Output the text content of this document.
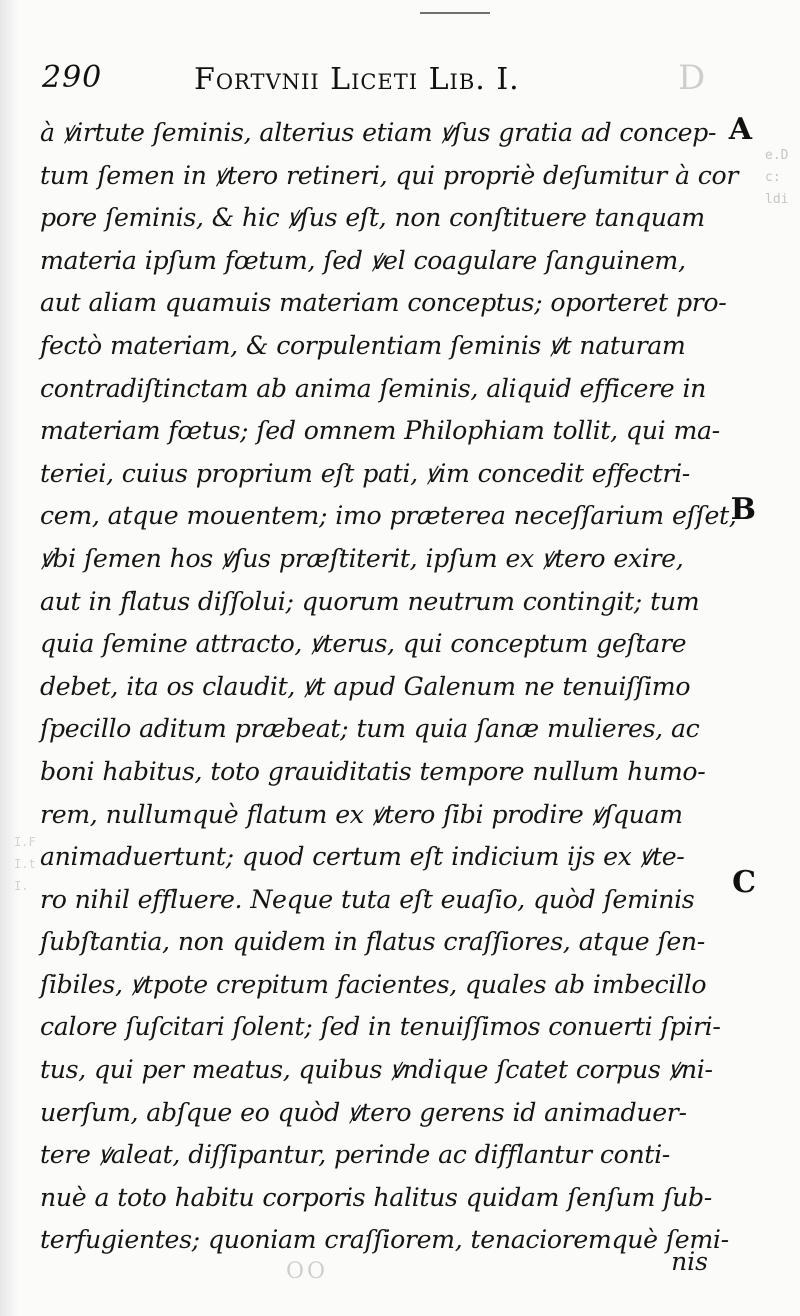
290	Fortvnii Liceti Lib. I.	D
à ꝟirtute ſeminis, alterius etiam ꝟſus gratia ad concep-
tum ſemen in ꝟtero retineri, qui propriè deſumitur à cor
pore ſeminis, & hic ꝟſus eſt, non conſtituere tanquam
materia ipſum fœtum, ſed ꝟel coagulare ſanguinem,
aut aliam quamuis materiam conceptus; oporteret pro-
fectò materiam, & corpulentiam ſeminis ꝟt naturam
contradiſtinctam ab anima ſeminis, aliquid efficere in
materiam fœtus; ſed omnem Philophiam tollit, qui ma-
teriei, cuius proprium eſt pati, ꝟim concedit effectri-
cem, atque mouentem; imo præterea neceſſarium eſſet,
ꝟbi ſemen hos ꝟſus præſtiterit, ipſum ex ꝟtero exire,
aut in flatus diſſolui; quorum neutrum contingit; tum
quia ſemine attracto, ꝟterus, qui conceptum geſtare
debet, ita os claudit, ꝟt apud Galenum ne tenuiſſimo
ſpecillo aditum præbeat; tum quia ſanæ mulieres, ac
boni habitus, toto grauiditatis tempore nullum humo-
rem, nullumquè flatum ex ꝟtero ſibi prodire ꝟſquam
animaduertunt; quod certum eſt indicium ijs ex ꝟte-
ro nihil effluere. Neque tuta eſt euaſio, quòd ſeminis
ſubſtantia, non quidem in flatus craſſiores, atque ſen-
ſibiles, ꝟtpote crepitum facientes, quales ab imbecillo
calore ſuſcitari ſolent; ſed in tenuiſſimos conuerti ſpiri-
tus, qui per meatus, quibus ꝟndique ſcatet corpus ꝟni-
uerſum, abſque eo quòd ꝟtero gerens id animaduer-
tere ꝟaleat, diſſipantur, perinde ac difflantur conti-
nuè a toto habitu corporis halitus quidam ſenſum ſub-
terfugientes; quoniam craſſiorem, tenacioremquè ſemi-
A
B
C
e.D
c:
ldi
I.F
I.t
I.
OO	nis
